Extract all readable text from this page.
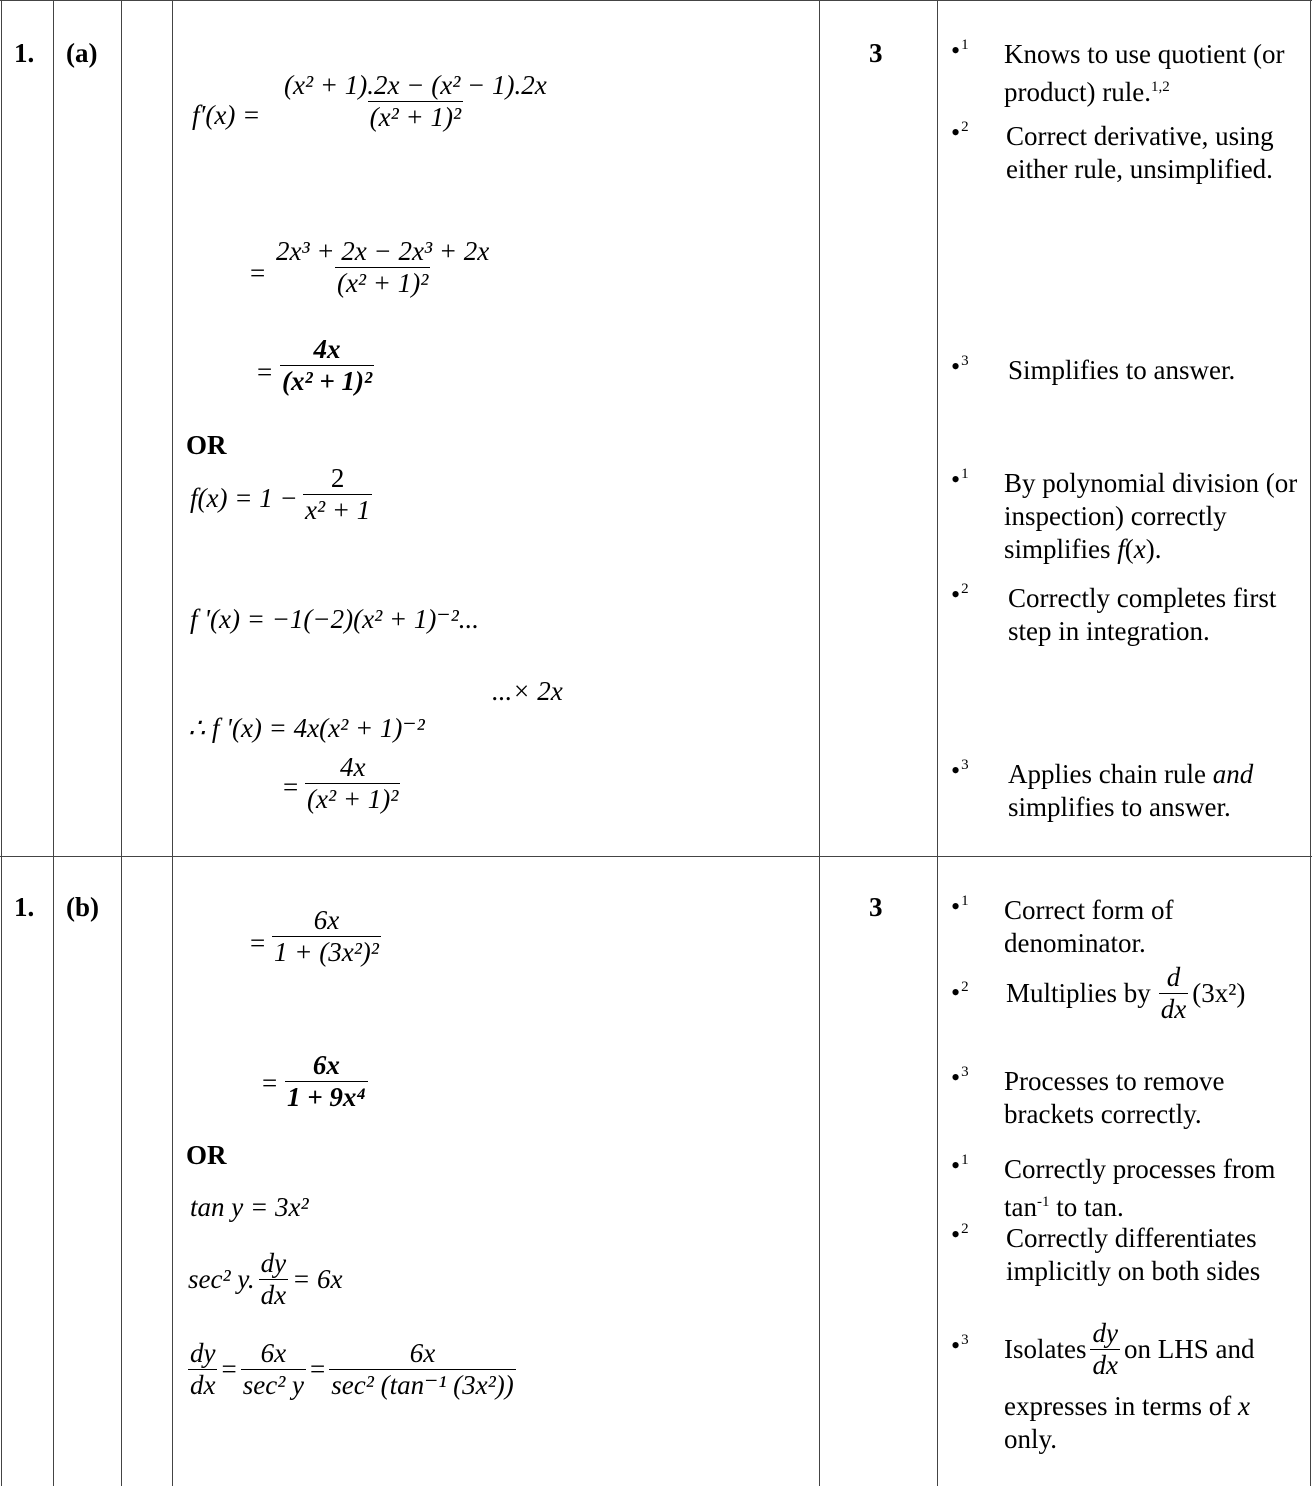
1. (a)	3
$f'(x) = \frac{\text{(x² + 1).2x − (x² − 1).2x}}{\text{(x² + 1)²}}$
= $\frac{\text{2x³ + 2x − 2x³ + 2x}}{\text{(x² + 1)²}}$
= $\frac{4x}{\text{(x² + 1)²}}$
OR
$f(x) = 1 - \frac{2}{\text{x² + 1}}$
f '(x) = −1(−2)(x² + 1)⁻²...
...× 2x
∴ f '(x) = 4x(x² + 1)⁻²
= $\frac{4x}{\text{(x² + 1)²}}$
•$^1$ Knows to use quotient (or product) rule.$^{1,2}$
•$^2$ Correct derivative, using either rule, unsimplified.
•$^3$ Simplifies to answer.
•$^1$ By polynomial division (or inspection) correctly simplifies f(x).
•$^2$ Correctly completes first step in integration.
•$^3$ Applies chain rule and simplifies to answer.
1. (b)	3
= $\frac{6x}{\text{1 + (3x²)²}}$
= $\frac{6x}{\text{1 + 9x⁴}}$
OR
tan y = 3x²
sec² y. $\frac{dy}{dx} = 6x$
$\frac{dy}{dx} = \frac{6x}{\text{sec² y}} = \frac{6x}{\text{sec² (tan⁻¹ (3x²))}}$
•$^1$ Correct form of denominator.
•$^2$ Multiplies by $\frac{d}{dx} (3x^2)$
•$^3$ Processes to remove brackets correctly.
•$^1$ Correctly processes from $\tan^{-1}$ to tan.
•$^2$ Correctly differentiates implicitly on both sides
•$^3$ Isolates $\frac{dy}{dx}$ on LHS and
expresses in terms of x
only.
